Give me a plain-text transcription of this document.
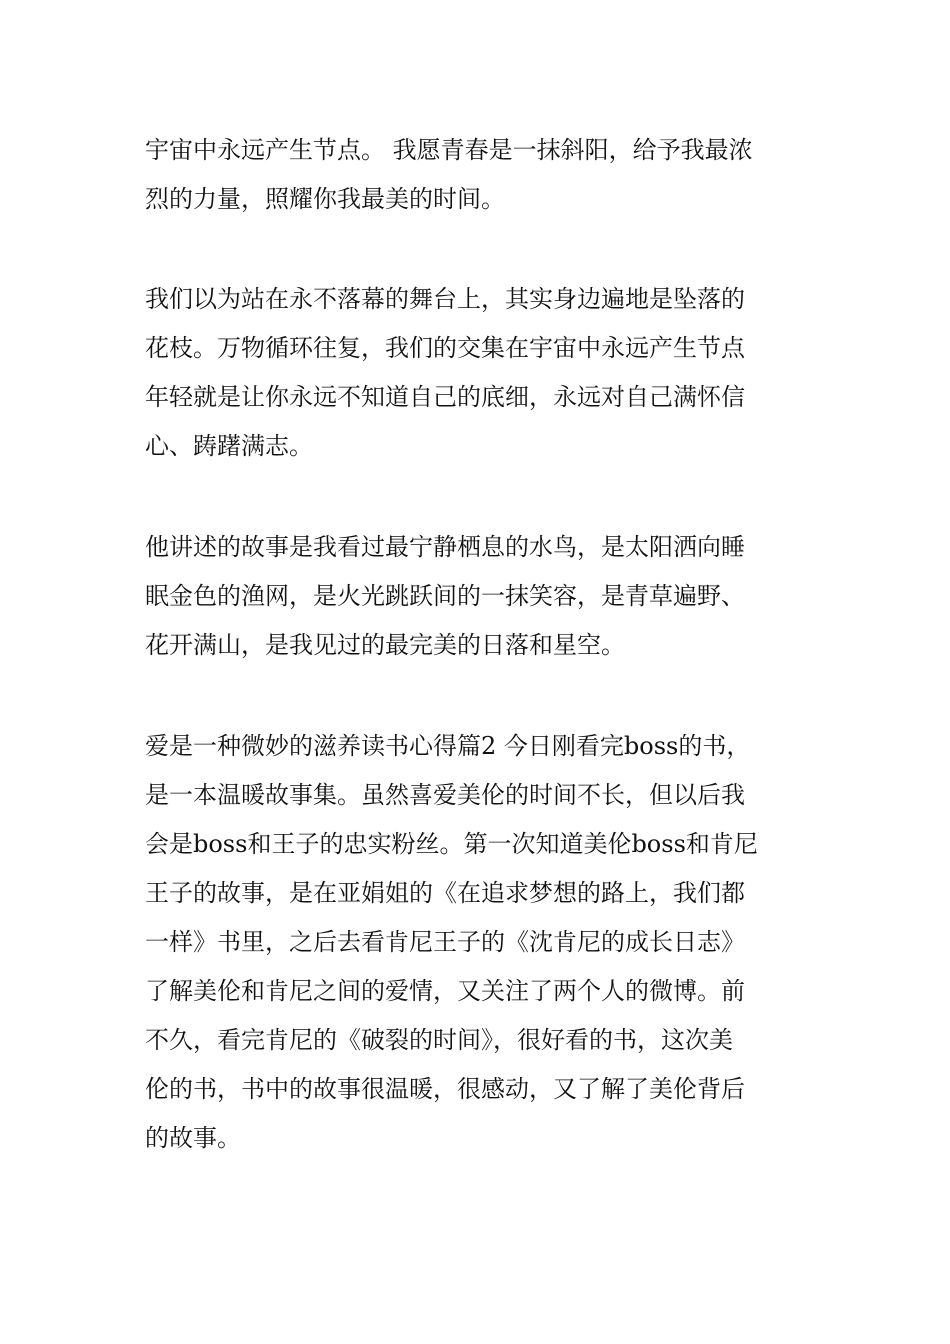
宇宙中永远产生节点。 我愿青春是一抹斜阳，给予我最浓
烈的力量，照耀你我最美的时间。
我们以为站在永不落幕的舞台上，其实身边遍地是坠落的
花枝。万物循环往复，我们的交集在宇宙中永远产生节点
年轻就是让你永远不知道自己的底细，永远对自己满怀信
心、踌躇满志。
他讲述的故事是我看过最宁静栖息的水鸟，是太阳洒向睡
眠金色的渔网，是火光跳跃间的一抹笑容，是青草遍野、
花开满山，是我见过的最完美的日落和星空。
爱是一种微妙的滋养读书心得篇2 今日刚看完boss的书，
是一本温暖故事集。虽然喜爱美伦的时间不长，但以后我
会是boss和王子的忠实粉丝。第一次知道美伦boss和肯尼
王子的故事，是在亚娟姐的《在追求梦想的路上，我们都
一样》书里，之后去看肯尼王子的《沈肯尼的成长日志》
了解美伦和肯尼之间的爱情，又关注了两个人的微博。前
不久，看完肯尼的《破裂的时间》，很好看的书，这次美
伦的书，书中的故事很温暖，很感动，又了解了美伦背后
的故事。
